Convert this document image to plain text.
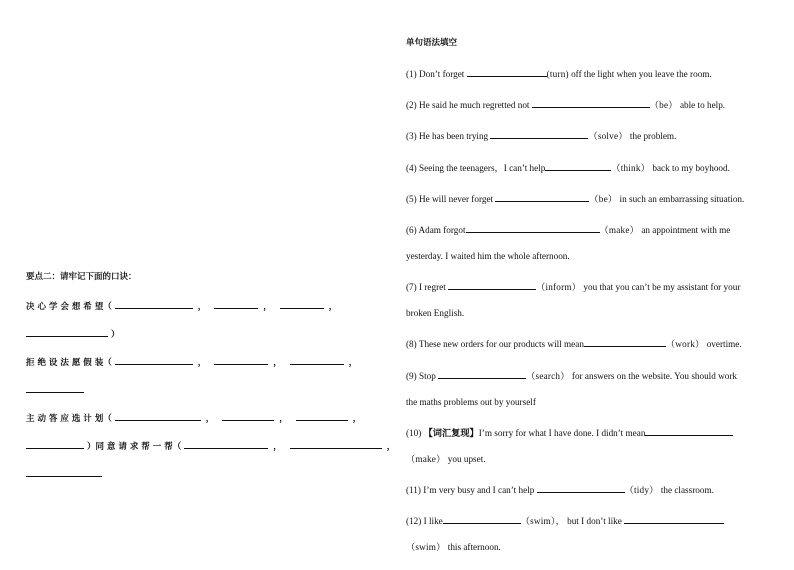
要点二：请牢记下面的口诀：
决 心 学 会 想 希 望（	，	，	，
）
拒 绝 设 法 愿 假 装（	，	，	，
主 动 答 应 选 计 划（	，	，	，
）同 意 请 求 帮 一 帮（	，	，
单句语法填空
(1) Don’t forget	(turn) off the light when you leave the room.
(2) He said he much regretted not	（be） able to help.
(3) He has been trying	（solve） the problem.
(4) Seeing the teenagers，I can’t help	（think） back to my boyhood.
(5) He will never forget	（be） in such an embarrassing situation.
(6) Adam forgot	（make） an appointment with me
yesterday. I waited him the whole afternoon.
(7) I regret	（inform） you that you can’t be my assistant for your
broken English.
(8) These new orders for our products will mean	（work） overtime.
(9) Stop	（search） for answers on the website. You should work
the maths problems out by yourself
(10) 【词汇复现】I’m sorry for what I have done. I didn’t mean
（make） you upset.
(11) I’m very busy and I can’t help	（tidy） the classroom.
(12) I like	（swim）， but I don’t like
（swim） this afternoon.
